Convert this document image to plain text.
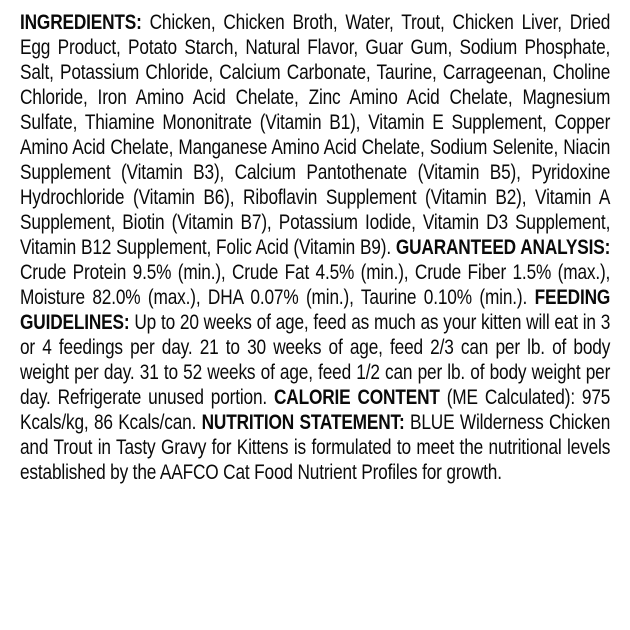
INGREDIENTS: Chicken, Chicken Broth, Water, Trout, Chicken Liver, Dried Egg Product, Potato Starch, Natural Flavor, Guar Gum, Sodium Phosphate, Salt, Potassium Chloride, Calcium Carbonate, Taurine, Carrageenan, Choline Chloride, Iron Amino Acid Chelate, Zinc Amino Acid Chelate, Magnesium Sulfate, Thiamine Mononitrate (Vitamin B1), Vitamin E Supplement, Copper Amino Acid Chelate, Manganese Amino Acid Chelate, Sodium Selenite, Niacin Supplement (Vitamin B3), Calcium Pantothenate (Vitamin B5), Pyridoxine Hydrochloride (Vitamin B6), Riboflavin Supplement (Vitamin B2), Vitamin A Supplement, Biotin (Vitamin B7), Potassium Iodide, Vitamin D3 Supplement, Vitamin B12 Supplement, Folic Acid (Vitamin B9). GUARANTEED ANALYSIS: Crude Protein 9.5% (min.), Crude Fat 4.5% (min.), Crude Fiber 1.5% (max.), Moisture 82.0% (max.), DHA 0.07% (min.), Taurine 0.10% (min.). FEEDING GUIDELINES: Up to 20 weeks of age, feed as much as your kitten will eat in 3 or 4 feedings per day. 21 to 30 weeks of age, feed 2/3 can per lb. of body weight per day. 31 to 52 weeks of age, feed 1/2 can per lb. of body weight per day. Refrigerate unused portion. CALORIE CONTENT (ME Calculated): 975 Kcals/kg, 86 Kcals/can. NUTRITION STATEMENT: BLUE Wilderness Chicken and Trout in Tasty Gravy for Kittens is formulated to meet the nutritional levels established by the AAFCO Cat Food Nutrient Profiles for growth.
